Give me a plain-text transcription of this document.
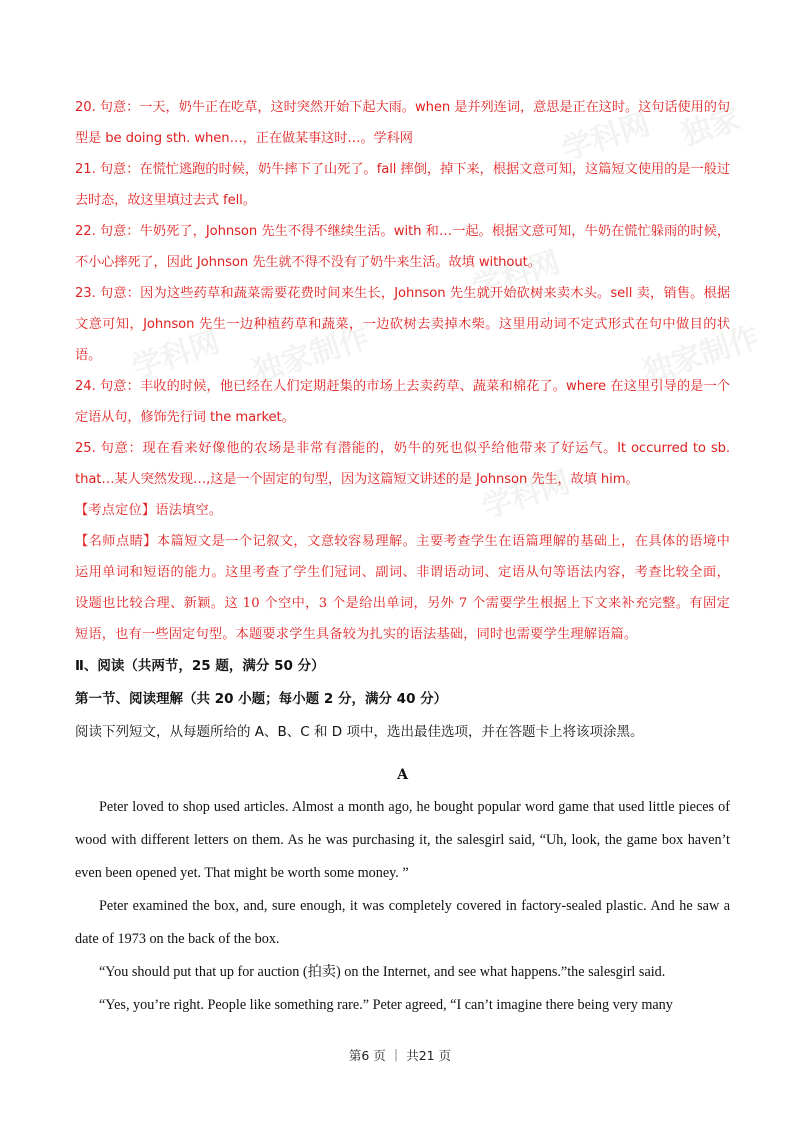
学科网 独家
学科网 独家制作
学科网
独家制作
学科网

20. 句意：一天，奶牛正在吃草，这时突然开始下起大雨。when 是并列连词，意思是正在这时。这句话使用的句型是 be doing sth. when…，正在做某事这时…。学科网

21. 句意：在慌忙逃跑的时候，奶牛摔下了山死了。fall 摔倒，掉下来，根据文意可知，这篇短文使用的是一般过去时态，故这里填过去式 fell。

22. 句意：牛奶死了，Johnson 先生不得不继续生活。with 和…一起。根据文意可知，牛奶在慌忙躲雨的时候，不小心摔死了，因此 Johnson 先生就不得不没有了奶牛来生活。故填 without。

23. 句意：因为这些药草和蔬菜需要花费时间来生长，Johnson 先生就开始砍树来卖木头。sell 卖，销售。根据文意可知，Johnson 先生一边种植药草和蔬菜，一边砍树去卖掉木柴。这里用动词不定式形式在句中做目的状语。

24. 句意：丰收的时候，他已经在人们定期赶集的市场上去卖药草、蔬菜和棉花了。where 在这里引导的是一个定语从句，修饰先行词 the market。

25. 句意：现在看来好像他的农场是非常有潜能的，奶牛的死也似乎给他带来了好运气。It occurred to sb. that…某人突然发现…,这是一个固定的句型，因为这篇短文讲述的是 Johnson 先生，故填 him。

【考点定位】语法填空。

【名师点睛】本篇短文是一个记叙文，文意较容易理解。主要考查学生在语篇理解的基础上，在具体的语境中运用单词和短语的能力。这里考查了学生们冠词、副词、非谓语动词、定语从句等语法内容，考查比较全面，设题也比较合理、新颖。这 10 个空中，3 个是给出单词，另外 7 个需要学生根据上下文来补充完整。有固定短语，也有一些固定句型。本题要求学生具备较为扎实的语法基础，同时也需要学生理解语篇。

Ⅱ、阅读（共两节，25 题，满分 50 分）

第一节、阅读理解（共 20 小题；每小题 2 分，满分 40 分）

阅读下列短文，从每题所给的 A、B、C 和 D 项中，选出最佳选项，并在答题卡上将该项涂黑。

A

Peter loved to shop used articles. Almost a month ago, he bought popular word game that used little pieces of wood with different letters on them. As he was purchasing it, the salesgirl said, “Uh, look, the game box haven’t even been opened yet. That might be worth some money. ”

Peter examined the box, and, sure enough, it was completely covered in factory-sealed plastic. And he saw a date of 1973 on the back of the box.

“You should put that up for auction (拍卖) on the Internet, and see what happens.”the salesgirl said.

“Yes, you’re right. People like something rare.” Peter agreed, “I can’t imagine there being very many

第6 页 ｜ 共21 页
